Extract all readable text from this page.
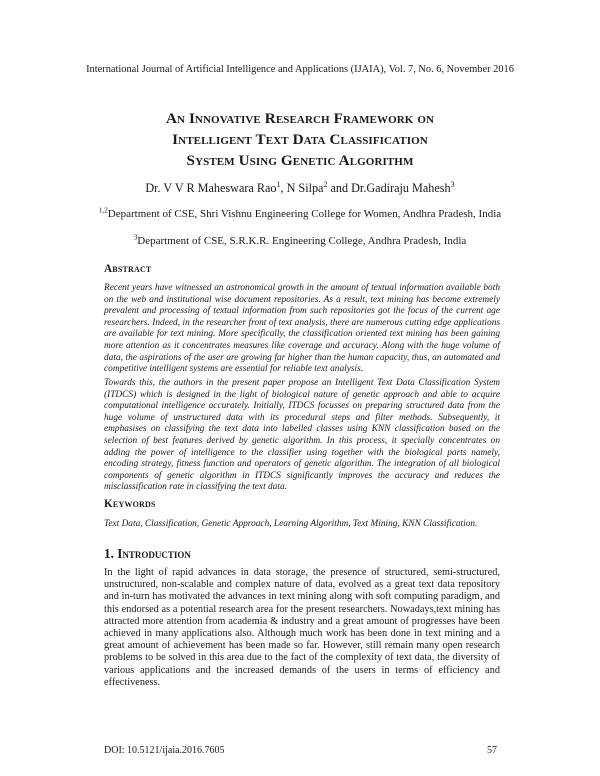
International Journal of Artificial Intelligence and Applications (IJAIA), Vol. 7, No. 6, November 2016
An Innovative Research Framework on
Intelligent Text Data Classification
System Using Genetic Algorithm
Dr. V V R Maheswara Rao$^1$, N Silpa$^2$ and Dr.Gadiraju Mahesh$^3$
$^{1,2}$Department of CSE, Shri Vishnu Engineering College for Women, Andhra Pradesh, India
$^3$Department of CSE, S.R.K.R. Engineering College, Andhra Pradesh, India
Abstract
Recent years have witnessed an astronomical growth in the amount of textual information available both on the web and institutional wise document repositories. As a result, text mining has become extremely prevalent and processing of textual information from such repositories got the focus of the current age researchers. Indeed, in the researcher front of text analysis, there are numerous cutting edge applications are available for text mining. More specifically, the classification oriented text mining has been gaining more attention as it concentrates measures like coverage and accuracy. Along with the huge volume of data, the aspirations of the user are growing far higher than the human capacity, thus, an automated and competitive intelligent systems are essential for reliable text analysis.
Towards this, the authors in the present paper propose an Intelligent Text Data Classification System (ITDCS) which is designed in the light of biological nature of genetic approach and able to acquire computational intelligence accurately. Initially, ITDCS focusses on preparing structured data from the huge volume of unstructured data with its procedural steps and filter methods. Subsequently, it emphasises on classifying the text data into labelled classes using KNN classification based on the selection of best features derived by genetic algorithm. In this process, it specially concentrates on adding the power of intelligence to the classifier using together with the biological parts namely, encoding strategy, fitness function and operators of genetic algorithm. The integration of all biological components of genetic algorithm in ITDCS significantly improves the accuracy and reduces the misclassification rate in classifying the text data.
Keywords
Text Data, Classification, Genetic Approach, Learning Algorithm, Text Mining, KNN Classification.
1. Introduction
In the light of rapid advances in data storage, the presence of structured, semi-structured, unstructured, non-scalable and complex nature of data, evolved as a great text data repository and in-turn has motivated the advances in text mining along with soft computing paradigm, and this endorsed as a potential research area for the present researchers. Nowadays,text mining has attracted more attention from academia & industry and a great amount of progresses have been achieved in many applications also. Although much work has been done in text mining and a great amount of achievement has been made so far. However, still remain many open research problems to be solved in this area due to the fact of the complexity of text data, the diversity of various applications and the increased demands of the users in terms of efficiency and effectiveness.
DOI: 10.5121/ijaia.2016.7605	57
